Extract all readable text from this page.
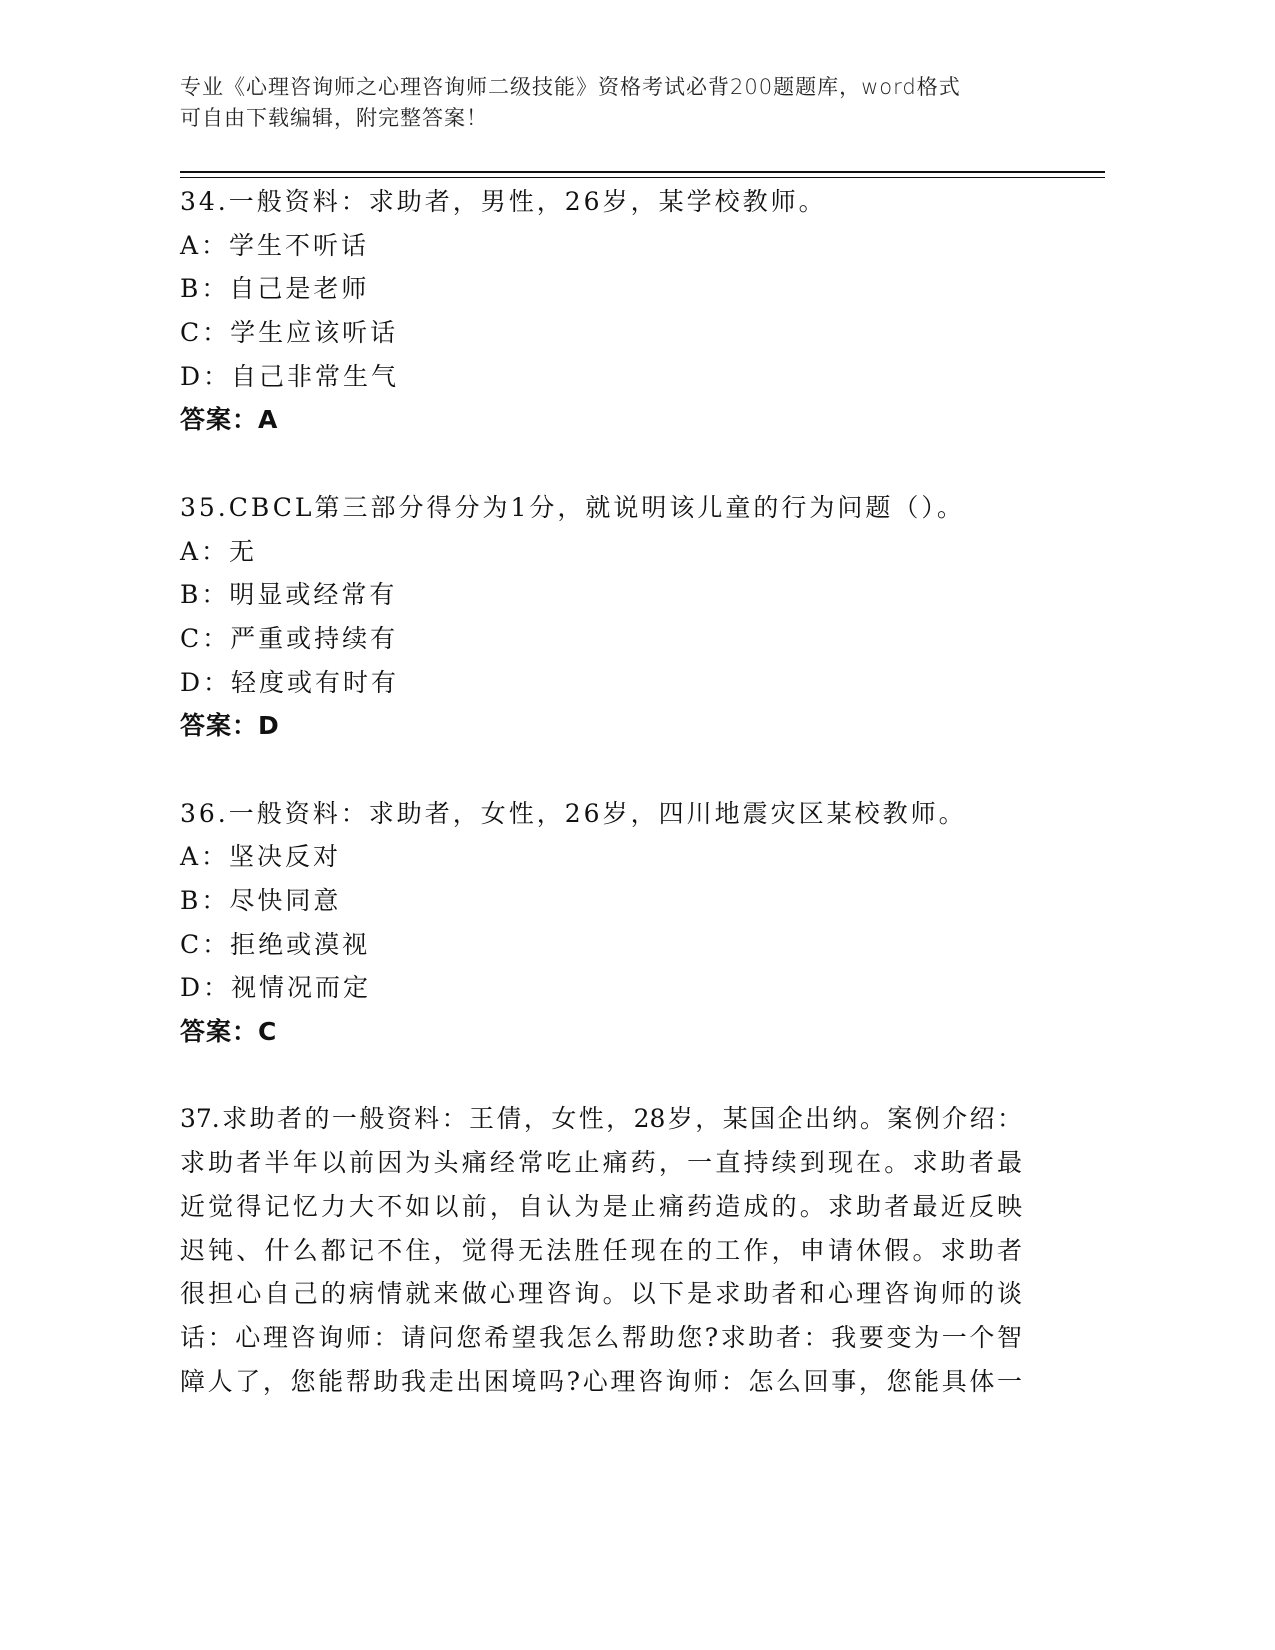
专业《心理咨询师之心理咨询师二级技能》资格考试必背200题题库，word格式
可自由下载编辑，附完整答案！
34.一般资料：求助者，男性，26岁，某学校教师。
A：学生不听话
B：自己是老师
C：学生应该听话
D：自己非常生气
答案：A
35.CBCL第三部分得分为1分，就说明该儿童的行为问题（）。
A：无
B：明显或经常有
C：严重或持续有
D：轻度或有时有
答案：D
36.一般资料：求助者，女性，26岁，四川地震灾区某校教师。
A：坚决反对
B：尽快同意
C：拒绝或漠视
D：视情况而定
答案：C
37.求助者的一般资料：王倩，女性，28岁，某国企出纳。案例介绍：
求助者半年以前因为头痛经常吃止痛药，一直持续到现在。求助者最
近觉得记忆力大不如以前，自认为是止痛药造成的。求助者最近反映
迟钝、什么都记不住，觉得无法胜任现在的工作，申请休假。求助者
很担心自己的病情就来做心理咨询。以下是求助者和心理咨询师的谈
话：心理咨询师：请问您希望我怎么帮助您?求助者：我要变为一个智
障人了，您能帮助我走出困境吗?心理咨询师：怎么回事，您能具体一
